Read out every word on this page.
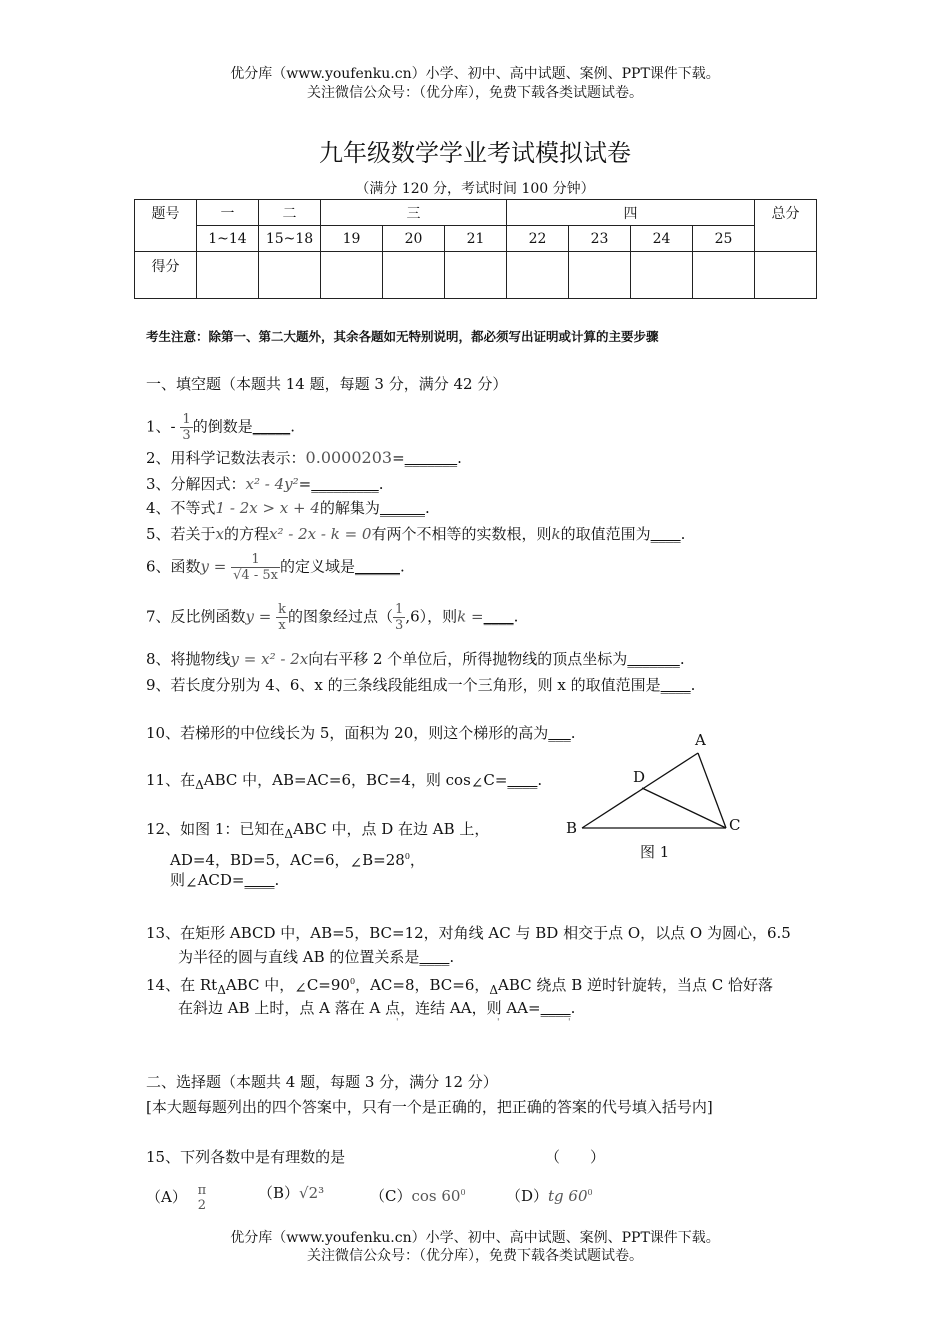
优分库（www.youfenku.cn）小学、初中、高中试题、案例、PPT课件下载。
关注微信公众号：（优分库），免费下载各类试题试卷。
九年级数学学业考试模拟试卷
（满分 120 分，考试时间 100 分钟）
题号	一	二	三			四				总分
	1~14	15~18	19	20	21	22	23	24	25	
得分										
考生注意：除第一、第二大题外，其余各题如无特别说明，都必须写出证明或计算的主要步骤
一、填空题（本题共 14 题，每题 3 分，满分 42 分）
1、- $\frac{1}{3}$ 的倒数是_____.
2、用科学记数法表示：0.0000203=_______.
3、分解因式：x² - 4y²=_________.
4、不等式1 - 2x > x + 4的解集为______.
5、若关于x的方程x² - 2x - k = 0有两个不相等的实数根，则k的取值范围为____.
6、函数$y = \frac{1}{√4 - 5x}$ 的定义域是______.
7、反比例函数$y = \frac{k}{x}$ 的图象经过点（ $\frac{1}{3} ,6$），则k =____.
8、将抛物线y = x² - 2x向右平移 2 个单位后，所得抛物线的顶点坐标为_______.
9、若长度分别为 4、6、x 的三条线段能组成一个三角形，则 x 的取值范围是____.
10、若梯形的中位线长为 5，面积为 20，则这个梯形的高为___.
11、在$_\Delta$ABC 中，AB=AC=6，BC=4，则 cos∠C=____.
12、如图 1：已知在$_\Delta$ABC 中，点 D 在边 AB 上，
AD=4，BD=5，AC=6，$\angle B=28^0$，
则∠ACD=____.
A
D
B	C
图 1
13、在矩形 ABCD 中，AB=5，BC=12，对角线 AC 与 BD 相交于点 O，以点 O 为圆心，6.5
为半径的圆与直线 AB 的位置关系是____.
14、在 $Rt_\Delta ABC$ 中，$\angle C=90^0$，AC=8，BC=6，$_\Delta$ABC 绕点 B 逆时针旋转，当点 C 恰好落
在斜边 AB 上时，点 A 落在 A 点，连结 AA，则 AA=____.
'	'	'
二、选择题（本题共 4 题，每题 3 分，满分 12 分）
[本大题每题列出的四个答案中，只有一个是正确的，把正确的答案的代号填入括号内]
15、下列各数中是有理数的是	（　　）
（A） π
2
（B）√2³	（C）cos $60^0$	（D）tg $60^0$
优分库（www.youfenku.cn）小学、初中、高中试题、案例、PPT课件下载。
关注微信公众号：（优分库），免费下载各类试题试卷。
